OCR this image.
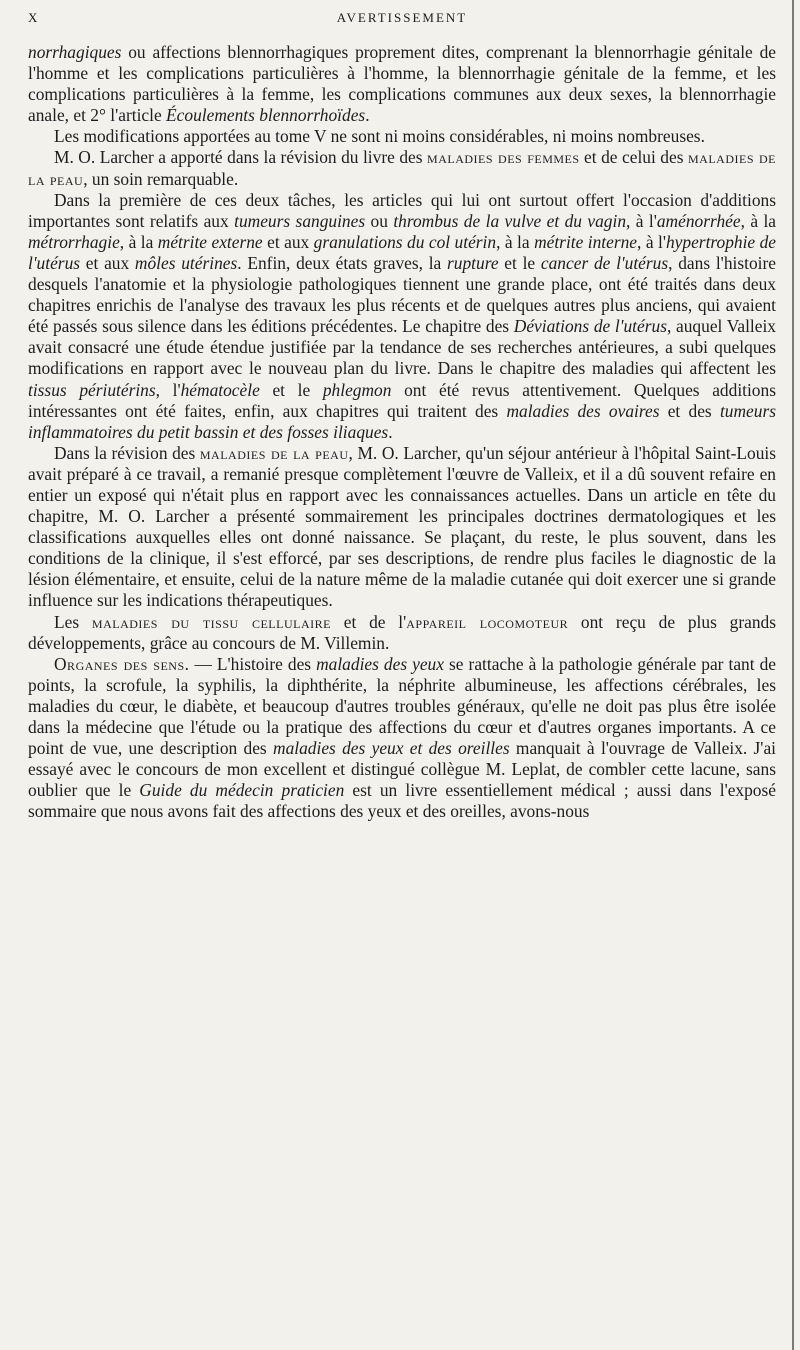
X	AVERTISSEMENT

norrhagiques ou affections blennorrhagiques proprement dites, comprenant la blennorrhagie génitale de l'homme et les complications particulières à l'homme, la blennorrhagie génitale de la femme, et les complications particulières à la femme, les complications communes aux deux sexes, la blennorrhagie anale, et 2° l'article Écoulements blennorrhoïdes.

Les modifications apportées au tome V ne sont ni moins considérables, ni moins nombreuses.

M. O. Larcher a apporté dans la révision du livre des maladies des femmes et de celui des maladies de la peau, un soin remarquable.

Dans la première de ces deux tâches, les articles qui lui ont surtout offert l'occasion d'additions importantes sont relatifs aux tumeurs sanguines ou thrombus de la vulve et du vagin, à l'aménorrhée, à la métrorrhagie, à la métrite externe et aux granulations du col utérin, à la métrite interne, à l'hypertrophie de l'utérus et aux môles utérines. Enfin, deux états graves, la rupture et le cancer de l'utérus, dans l'histoire desquels l'anatomie et la physiologie pathologiques tiennent une grande place, ont été traités dans deux chapitres enrichis de l'analyse des travaux les plus récents et de quelques autres plus anciens, qui avaient été passés sous silence dans les éditions précédentes. Le chapitre des Déviations de l'utérus, auquel Valleix avait consacré une étude étendue justifiée par la tendance de ses recherches antérieures, a subi quelques modifications en rapport avec le nouveau plan du livre. Dans le chapitre des maladies qui affectent les tissus périutérins, l'hématocèle et le phlegmon ont été revus attentivement. Quelques additions intéressantes ont été faites, enfin, aux chapitres qui traitent des maladies des ovaires et des tumeurs inflammatoires du petit bassin et des fosses iliaques.

Dans la révision des maladies de la peau, M. O. Larcher, qu'un séjour antérieur à l'hôpital Saint-Louis avait préparé à ce travail, a remanié presque complètement l'œuvre de Valleix, et il a dû souvent refaire en entier un exposé qui n'était plus en rapport avec les connaissances actuelles. Dans un article en tête du chapitre, M. O. Larcher a présenté sommairement les principales doctrines dermatologiques et les classifications auxquelles elles ont donné naissance. Se plaçant, du reste, le plus souvent, dans les conditions de la clinique, il s'est efforcé, par ses descriptions, de rendre plus faciles le diagnostic de la lésion élémentaire, et ensuite, celui de la nature même de la maladie cutanée qui doit exercer une si grande influence sur les indications thérapeutiques.

Les maladies du tissu cellulaire et de l'appareil locomoteur ont reçu de plus grands développements, grâce au concours de M. Villemin.

Organes des sens. — L'histoire des maladies des yeux se rattache à la pathologie générale par tant de points, la scrofule, la syphilis, la diphthérite, la néphrite albumineuse, les affections cérébrales, les maladies du cœur, le diabète, et beaucoup d'autres troubles généraux, qu'elle ne doit pas plus être isolée dans la médecine que l'étude ou la pratique des affections du cœur et d'autres organes importants. A ce point de vue, une description des maladies des yeux et des oreilles manquait à l'ouvrage de Valleix. J'ai essayé avec le concours de mon excellent et distingué collègue M. Leplat, de combler cette lacune, sans oublier que le Guide du médecin praticien est un livre essentiellement médical ; aussi dans l'exposé sommaire que nous avons fait des affections des yeux et des oreilles, avons-nous
